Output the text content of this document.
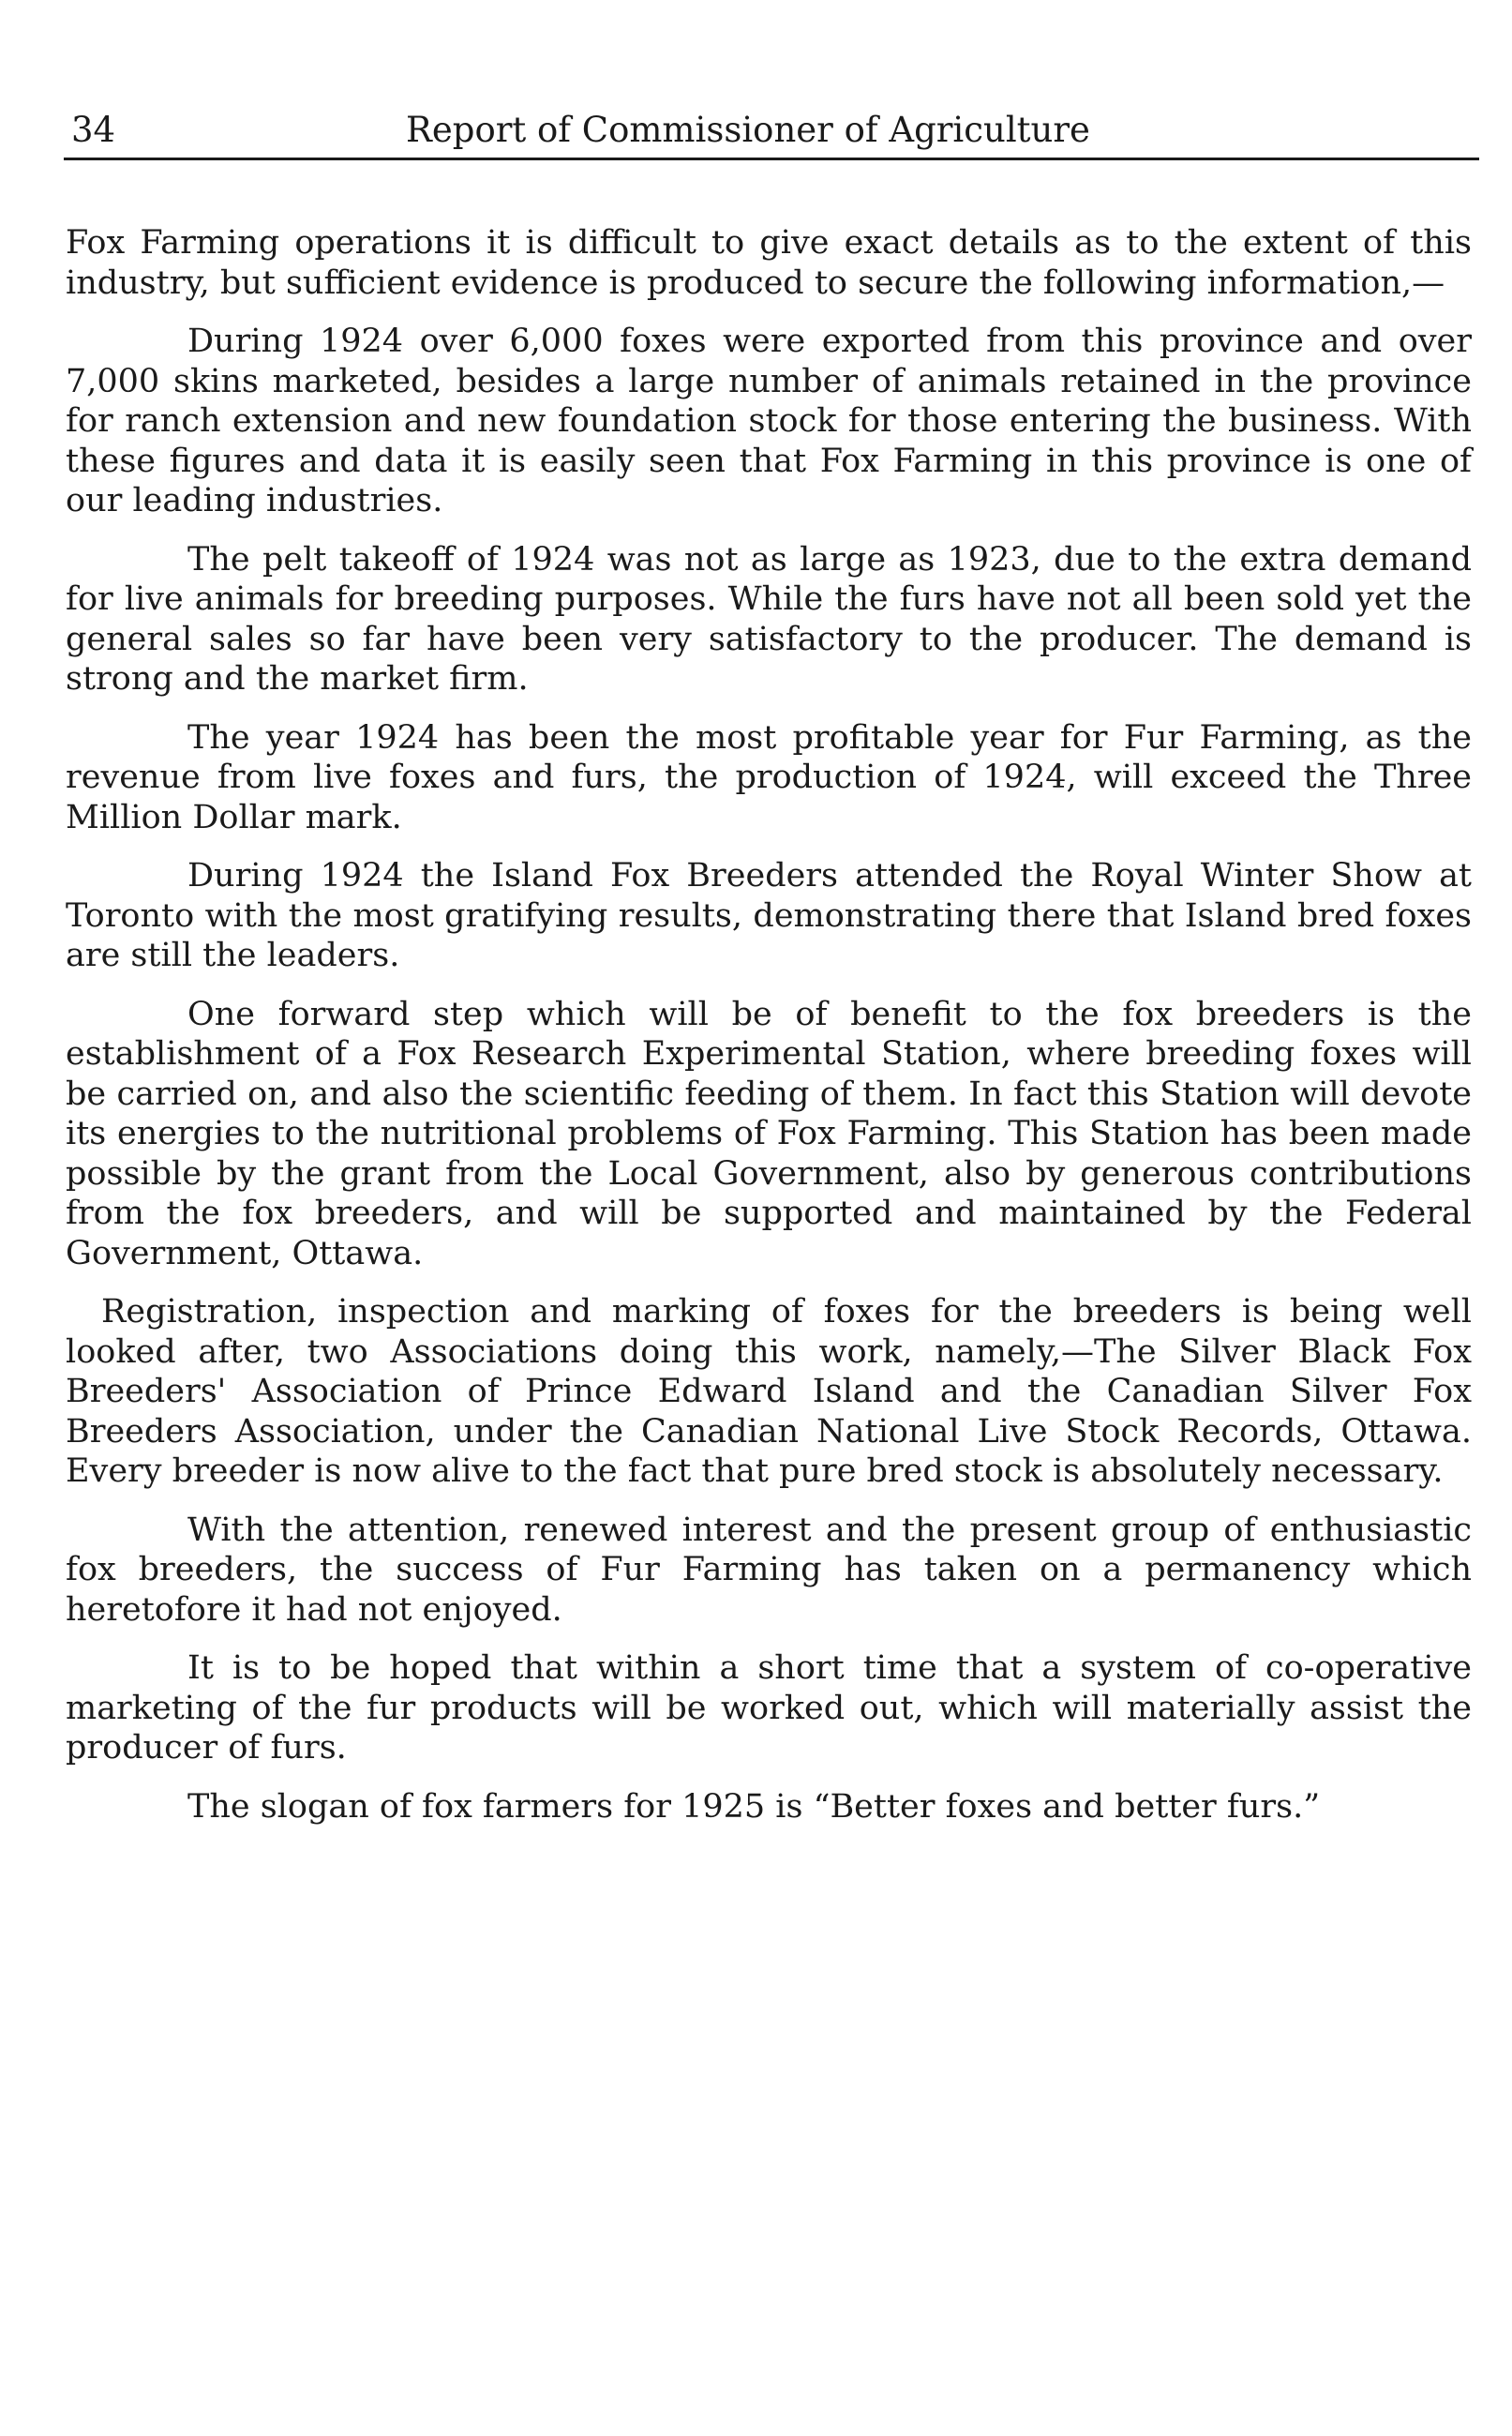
34	Report of Commissioner of Agriculture

Fox Farming operations it is difficult to give exact details as to the extent of this industry, but sufficient evidence is produced to secure the following information,—

During 1924 over 6,000 foxes were exported from this province and over 7,000 skins marketed, besides a large number of animals retained in the province for ranch extension and new foundation stock for those entering the business. With these figures and data it is easily seen that Fox Farming in this province is one of our leading industries.

The pelt takeoff of 1924 was not as large as 1923, due to the extra demand for live animals for breeding purposes. While the furs have not all been sold yet the general sales so far have been very satisfactory to the producer. The demand is strong and the market firm.

The year 1924 has been the most profitable year for Fur Farming, as the revenue from live foxes and furs, the production of 1924, will exceed the Three Million Dollar mark.

During 1924 the Island Fox Breeders attended the Royal Winter Show at Toronto with the most gratifying results, demonstrating there that Island bred foxes are still the leaders.

One forward step which will be of benefit to the fox breeders is the establishment of a Fox Research Experimental Station, where breeding foxes will be carried on, and also the scientific feeding of them. In fact this Station will devote its energies to the nutritional problems of Fox Farming. This Station has been made possible by the grant from the Local Government, also by generous contributions from the fox breeders, and will be supported and maintained by the Federal Government, Ottawa.

Registration, inspection and marking of foxes for the breeders is being well looked after, two Associations doing this work, namely,—The Silver Black Fox Breeders' Association of Prince Edward Island and the Canadian Silver Fox Breeders Association, under the Canadian National Live Stock Records, Ottawa. Every breeder is now alive to the fact that pure bred stock is absolutely necessary.

With the attention, renewed interest and the present group of enthusiastic fox breeders, the success of Fur Farming has taken on a permanency which heretofore it had not enjoyed.

It is to be hoped that within a short time that a system of co-operative marketing of the fur products will be worked out, which will materially assist the producer of furs.

The slogan of fox farmers for 1925 is “Better foxes and better furs.”
